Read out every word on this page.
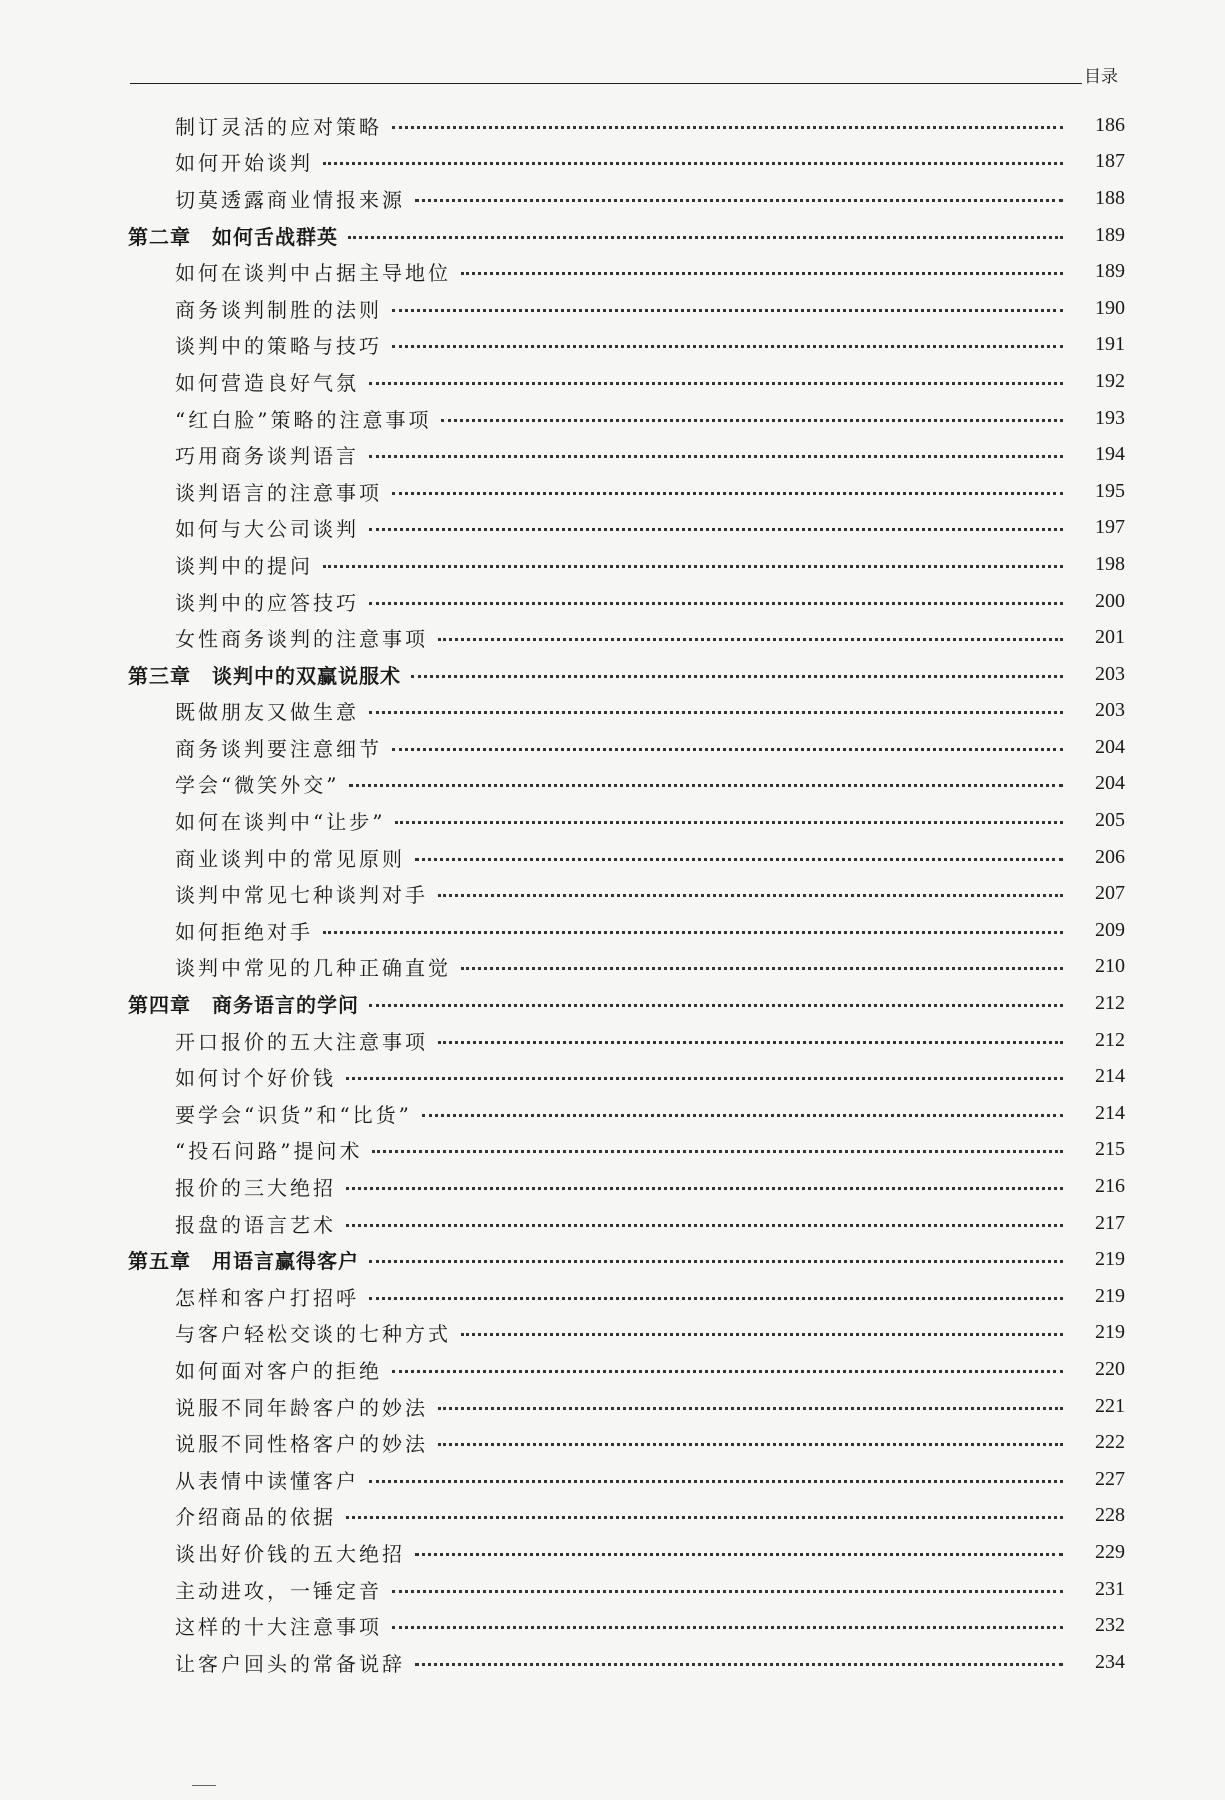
目录
制订灵活的应对策略	186
如何开始谈判	187
切莫透露商业情报来源	188
第二章　如何舌战群英	189
如何在谈判中占据主导地位	189
商务谈判制胜的法则	190
谈判中的策略与技巧	191
如何营造良好气氛	192
“红白脸”策略的注意事项	193
巧用商务谈判语言	194
谈判语言的注意事项	195
如何与大公司谈判	197
谈判中的提问	198
谈判中的应答技巧	200
女性商务谈判的注意事项	201
第三章　谈判中的双赢说服术	203
既做朋友又做生意	203
商务谈判要注意细节	204
学会“微笑外交”	204
如何在谈判中“让步”	205
商业谈判中的常见原则	206
谈判中常见七种谈判对手	207
如何拒绝对手	209
谈判中常见的几种正确直觉	210
第四章　商务语言的学问	212
开口报价的五大注意事项	212
如何讨个好价钱	214
要学会“识货”和“比货”	214
“投石问路”提问术	215
报价的三大绝招	216
报盘的语言艺术	217
第五章　用语言赢得客户	219
怎样和客户打招呼	219
与客户轻松交谈的七种方式	219
如何面对客户的拒绝	220
说服不同年龄客户的妙法	221
说服不同性格客户的妙法	222
从表情中读懂客户	227
介绍商品的依据	228
谈出好价钱的五大绝招	229
主动进攻，一锤定音	231
这样的十大注意事项	232
让客户回头的常备说辞	234
